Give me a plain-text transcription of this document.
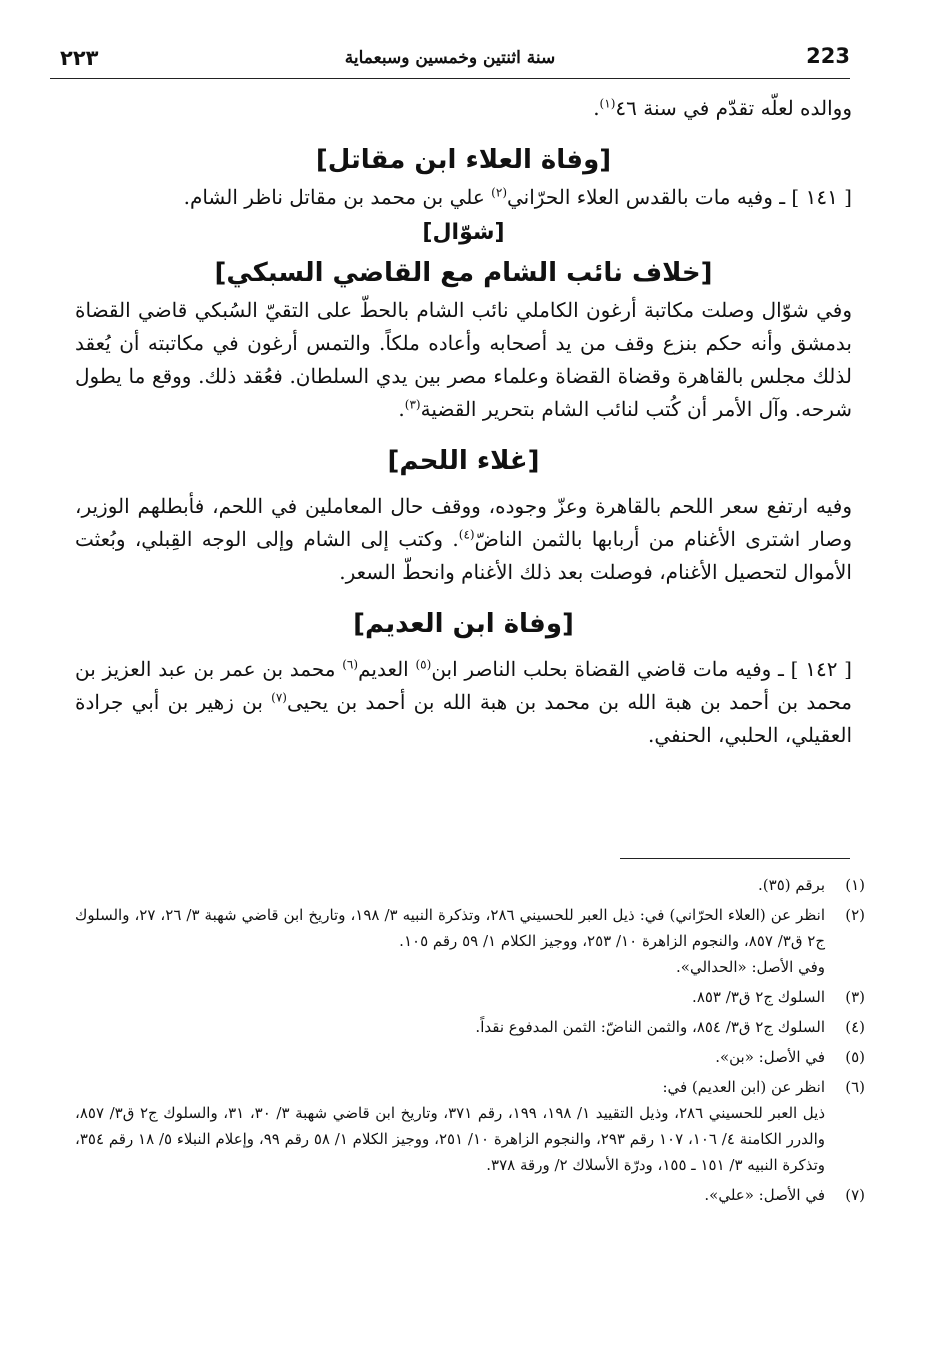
٢٢٣	سنة اثنتين وخمسين وسبعماية	223

ووالده لعلّه تقدّم في سنة ٤٦$^{(١)}$.

[وفاة العلاء ابن مقاتل]

[ ١٤١ ] ـ وفيه مات بالقدس العلاء الحرّاني$^{(٢)}$ علي بن محمد بن مقاتل ناظر الشام.

[شوّال]
[خلاف نائب الشام مع القاضي السبكي]

وفي شوّال وصلت مكاتبة أرغون الكاملي نائب الشام بالحطّ على التقيّ السُبكي قاضي القضاة بدمشق وأنه حكم بنزع وقف من يد أصحابه وأعاده ملكاً. والتمس أرغون في مكاتبته أن يُعقد لذلك مجلس بالقاهرة وقضاة القضاة وعلماء مصر بين يدي السلطان. فعُقد ذلك. ووقع ما يطول شرحه. وآل الأمر أن كُتب لنائب الشام بتحرير القضية$^{(٣)}$.

[غلاء اللحم]

وفيه ارتفع سعر اللحم بالقاهرة وعزّ وجوده، ووقف حال المعاملين في اللحم، فأبطلهم الوزير، وصار اشترى الأغنام من أربابها بالثمن الناضّ$^{(٤)}$. وكتب إلى الشام وإلى الوجه القِبلي، وبُعثت الأموال لتحصيل الأغنام، فوصلت بعد ذلك الأغنام وانحطّ السعر.

[وفاة ابن العديم]

[ ١٤٢ ] ـ وفيه مات قاضي القضاة بحلب الناصر ابن$^{(٥)}$ العديم$^{(٦)}$ محمد بن عمر بن عبد العزيز بن محمد بن أحمد بن هبة الله بن محمد بن هبة الله بن أحمد بن يحيى$^{(٧)}$ بن زهير بن أبي جرادة العقيلي، الحلبي، الحنفي.

(١)
برقم (٣٥).

(٢)
انظر عن (العلاء الحرّاني) في: ذيل العبر للحسيني ٢٨٦، وتذكرة النبيه ٣/ ١٩٨، وتاريخ ابن قاضي شهبة ٣/ ٢٦، ٢٧، والسلوك ج٢ ق٣/ ٨٥٧، والنجوم الزاهرة ١٠/ ٢٥٣، ووجيز الكلام ١/ ٥٩ رقم ١٠٥.
وفي الأصل: «الحدالي».

(٣)
السلوك ج٢ ق٣/ ٨٥٣.

(٤)
السلوك ج٢ ق٣/ ٨٥٤، والثمن الناضّ: الثمن المدفوع نقداً.

(٥)
في الأصل: «بن».

(٦)
انظر عن (ابن العديم) في:
ذيل العبر للحسيني ٢٨٦، وذيل التقييد ١/ ١٩٨، ١٩٩، رقم ٣٧١، وتاريخ ابن قاضي شهبة ٣/ ٣٠، ٣١، والسلوك ج٢ ق٣/ ٨٥٧، والدرر الكامنة ٤/ ١٠٦، ١٠٧ رقم ٢٩٣، والنجوم الزاهرة ١٠/ ٢٥١، ووجيز الكلام ١/ ٥٨ رقم ٩٩، وإعلام النبلاء ٥/ ١٨ رقم ٣٥٤، وتذكرة النبيه ٣/ ١٥١ ـ ١٥٥، ودرّة الأسلاك ٢/ ورقة ٣٧٨.

(٧)
في الأصل: «علي».
